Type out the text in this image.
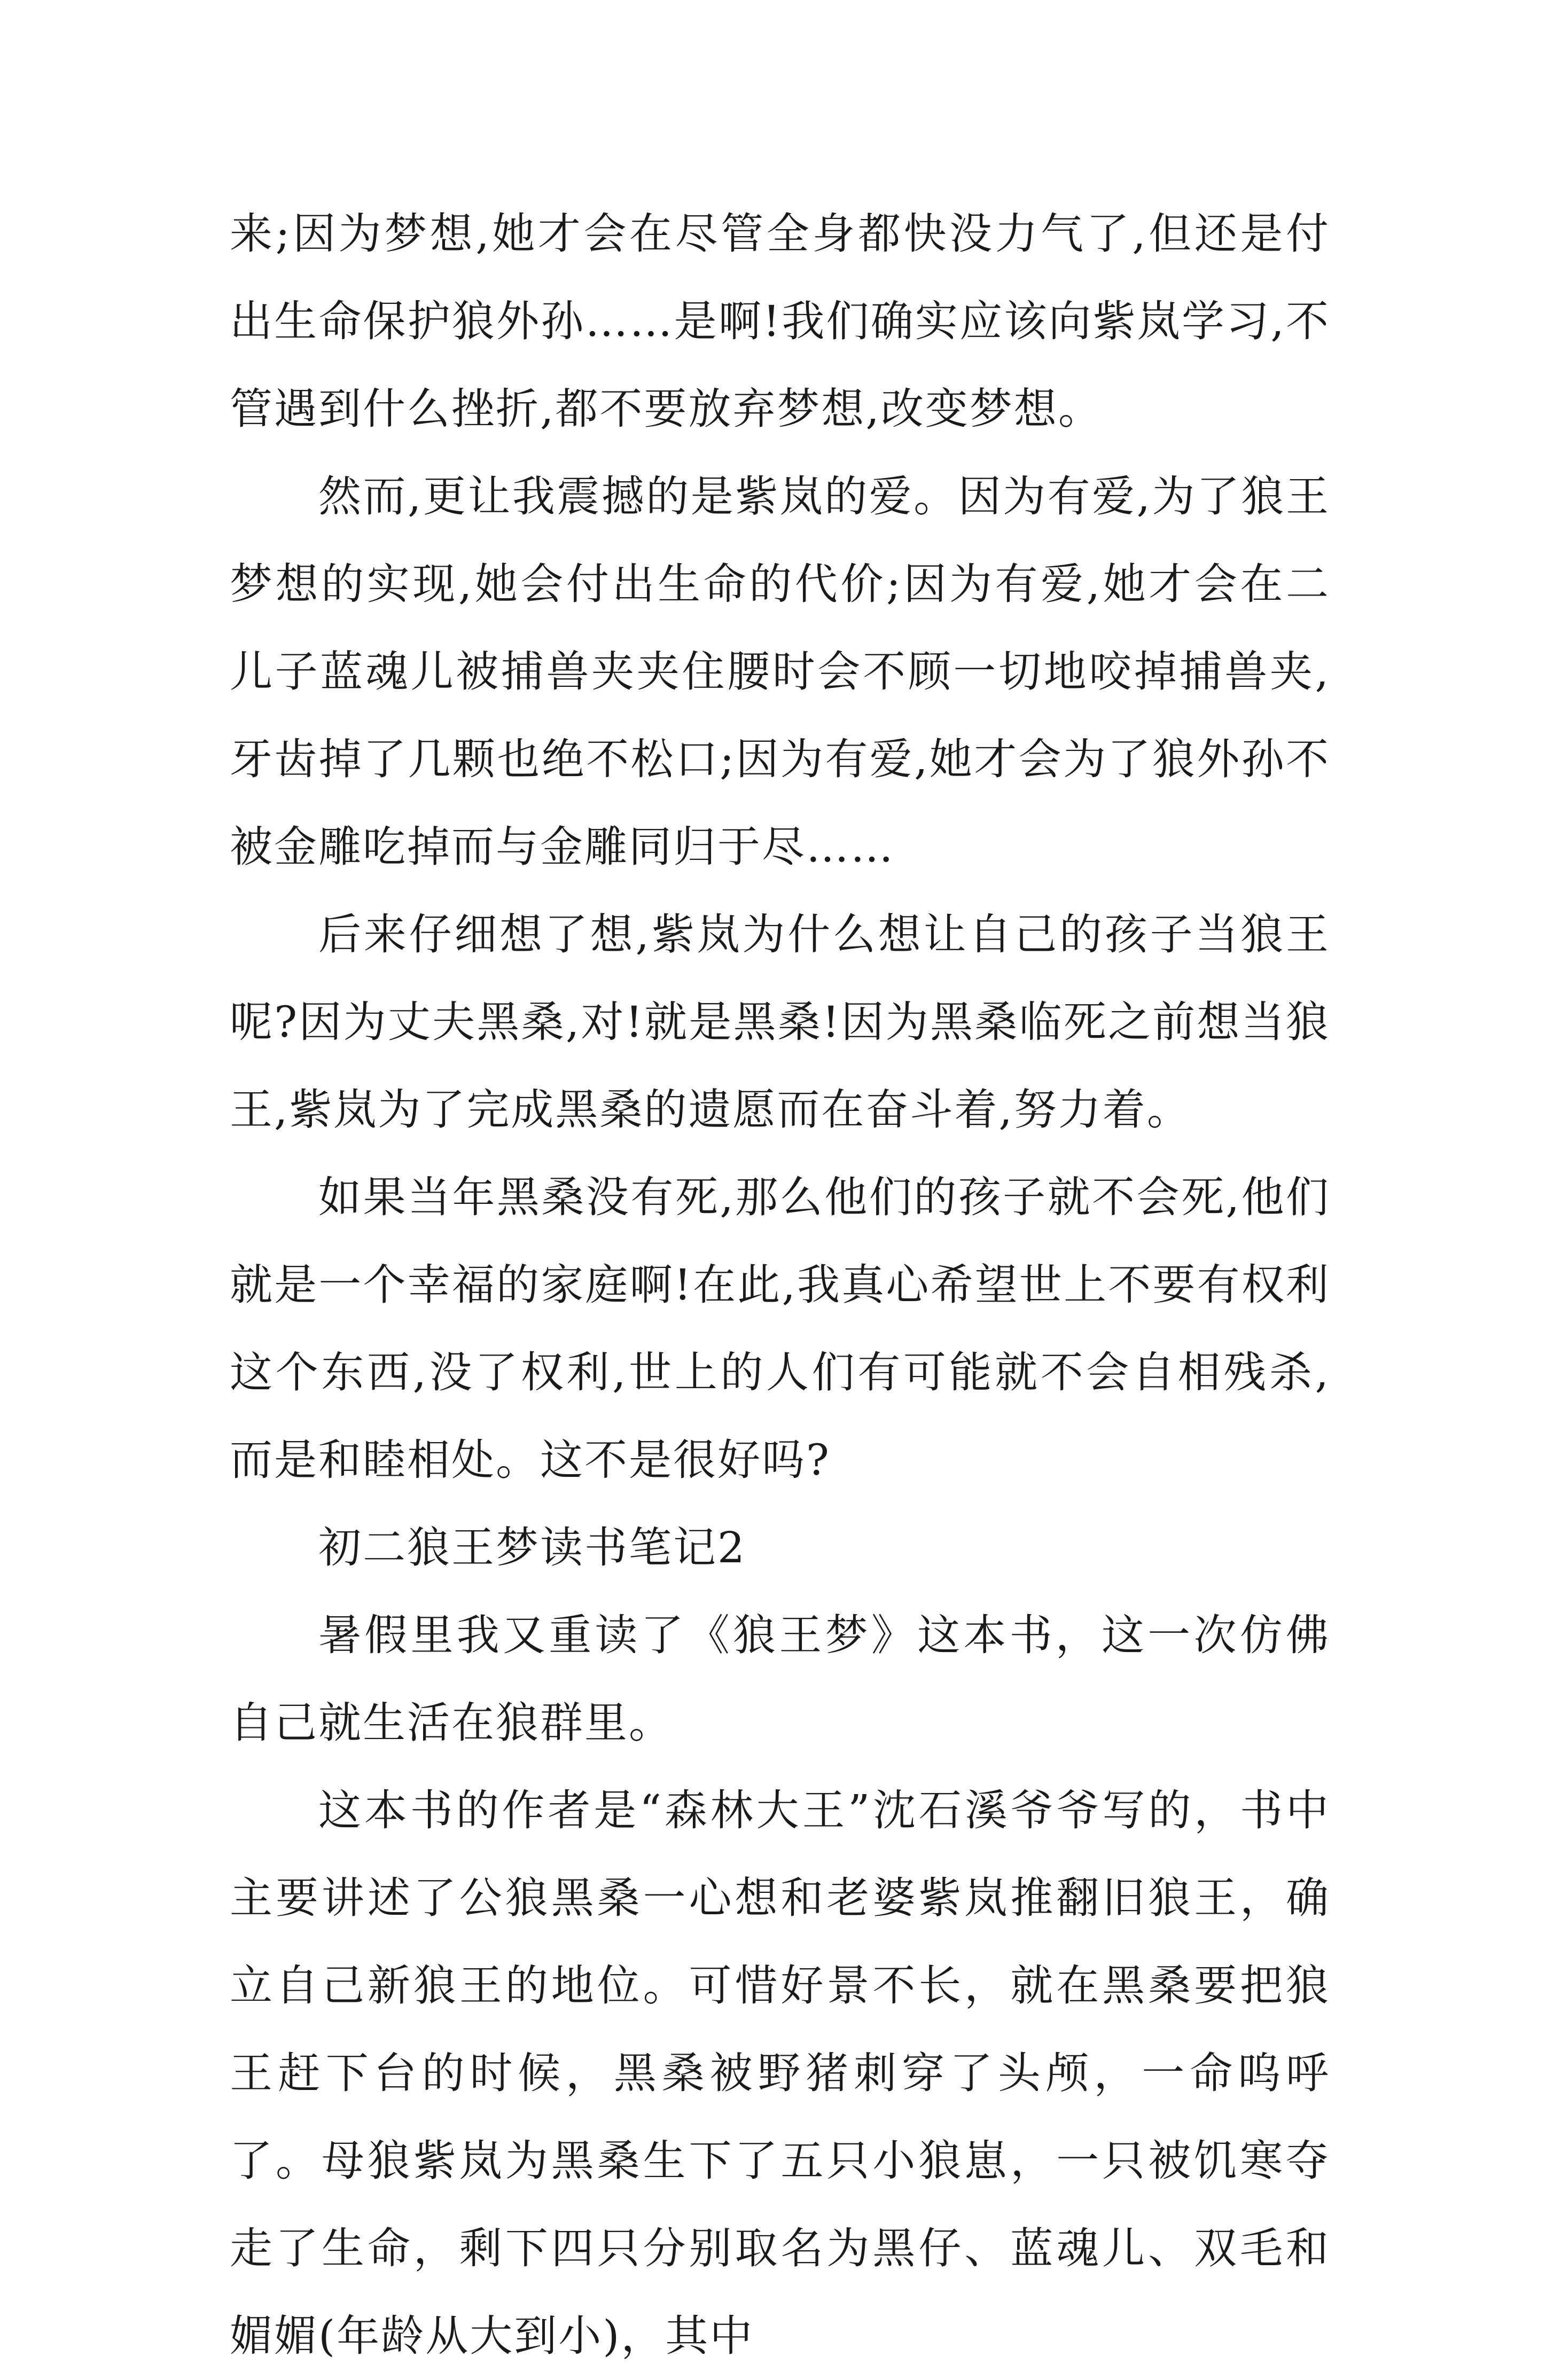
来;因为梦想,她才会在尽管全身都快没力气了,但还是付出生命保护狼外孙……是啊!我们确实应该向紫岚学习,不管遇到什么挫折,都不要放弃梦想,改变梦想。

然而,更让我震撼的是紫岚的爱。因为有爱,为了狼王梦想的实现,她会付出生命的代价;因为有爱,她才会在二儿子蓝魂儿被捕兽夹夹住腰时会不顾一切地咬掉捕兽夹,牙齿掉了几颗也绝不松口;因为有爱,她才会为了狼外孙不被金雕吃掉而与金雕同归于尽……

后来仔细想了想,紫岚为什么想让自己的孩子当狼王呢?因为丈夫黑桑,对!就是黑桑!因为黑桑临死之前想当狼王,紫岚为了完成黑桑的遗愿而在奋斗着,努力着。

如果当年黑桑没有死,那么他们的孩子就不会死,他们就是一个幸福的家庭啊!在此,我真心希望世上不要有权利这个东西,没了权利,世上的人们有可能就不会自相残杀,而是和睦相处。这不是很好吗?

初二狼王梦读书笔记2

暑假里我又重读了《狼王梦》这本书，这一次仿佛自己就生活在狼群里。

这本书的作者是“森林大王”沈石溪爷爷写的，书中主要讲述了公狼黑桑一心想和老婆紫岚推翻旧狼王，确立自己新狼王的地位。可惜好景不长，就在黑桑要把狼王赶下台的时候，黑桑被野猪刺穿了头颅，一命呜呼了。母狼紫岚为黑桑生下了五只小狼崽，一只被饥寒夺走了生命，剩下四只分别取名为黑仔、蓝魂儿、双毛和媚媚(年龄从大到小)，其中
